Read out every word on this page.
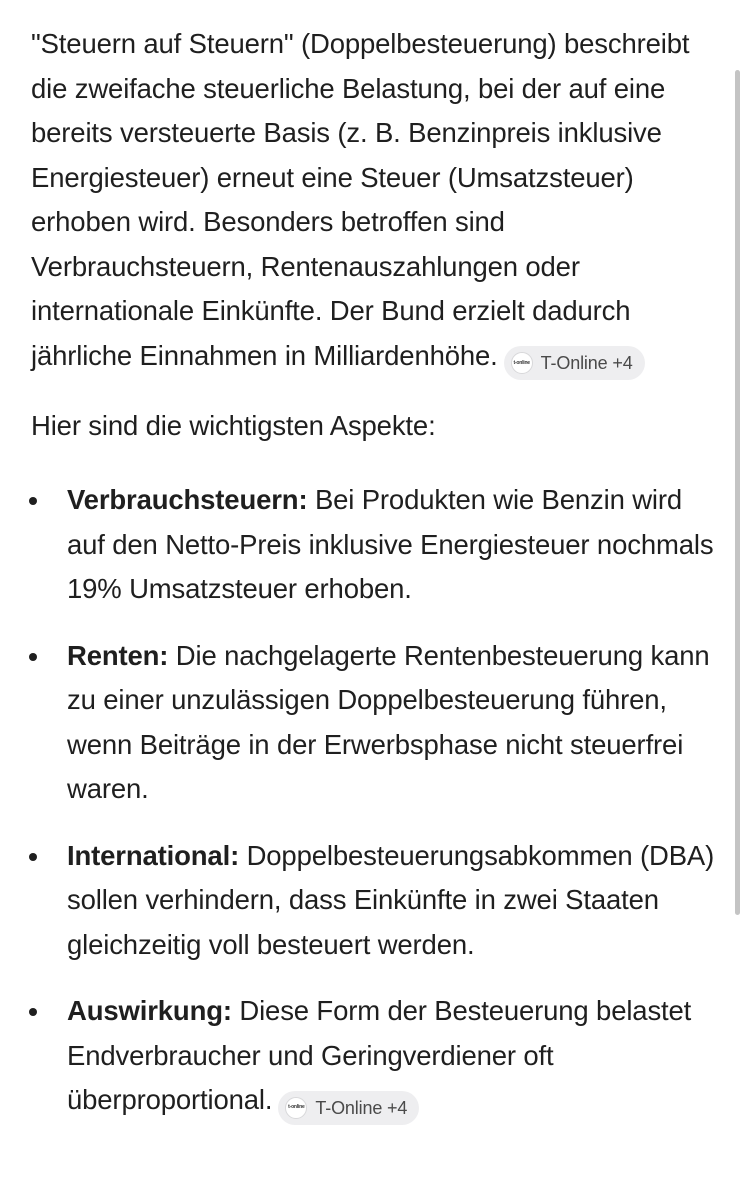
"Steuern auf Steuern" (Doppelbesteuerung) beschreibt die zweifache steuerliche Belastung, bei der auf eine bereits versteuerte Basis (z. B. Benzinpreis inklusive Energiesteuer) erneut eine Steuer (Umsatzsteuer) erhoben wird. Besonders betroffen sind Verbrauchsteuern, Rentenauszahlungen oder internationale Einkünfte. Der Bund erzielt dadurch jährliche Einnahmen in Milliardenhöhe.	t-online T-Online +4

Hier sind die wichtigsten Aspekte:

Verbrauchsteuern: Bei Produkten wie Benzin wird auf den Netto-Preis inklusive Energiesteuer nochmals 19% Umsatzsteuer erhoben.
Renten: Die nachgelagerte Rentenbesteuerung kann zu einer unzulässigen Doppelbesteuerung führen, wenn Beiträge in der Erwerbsphase nicht steuerfrei waren.
International: Doppelbesteuerungsabkommen (DBA) sollen verhindern, dass Einkünfte in zwei Staaten gleichzeitig voll besteuert werden.
Auswirkung: Diese Form der Besteuerung belastet Endverbraucher und Geringverdiener oft überproportional.	t-online T-Online +4
